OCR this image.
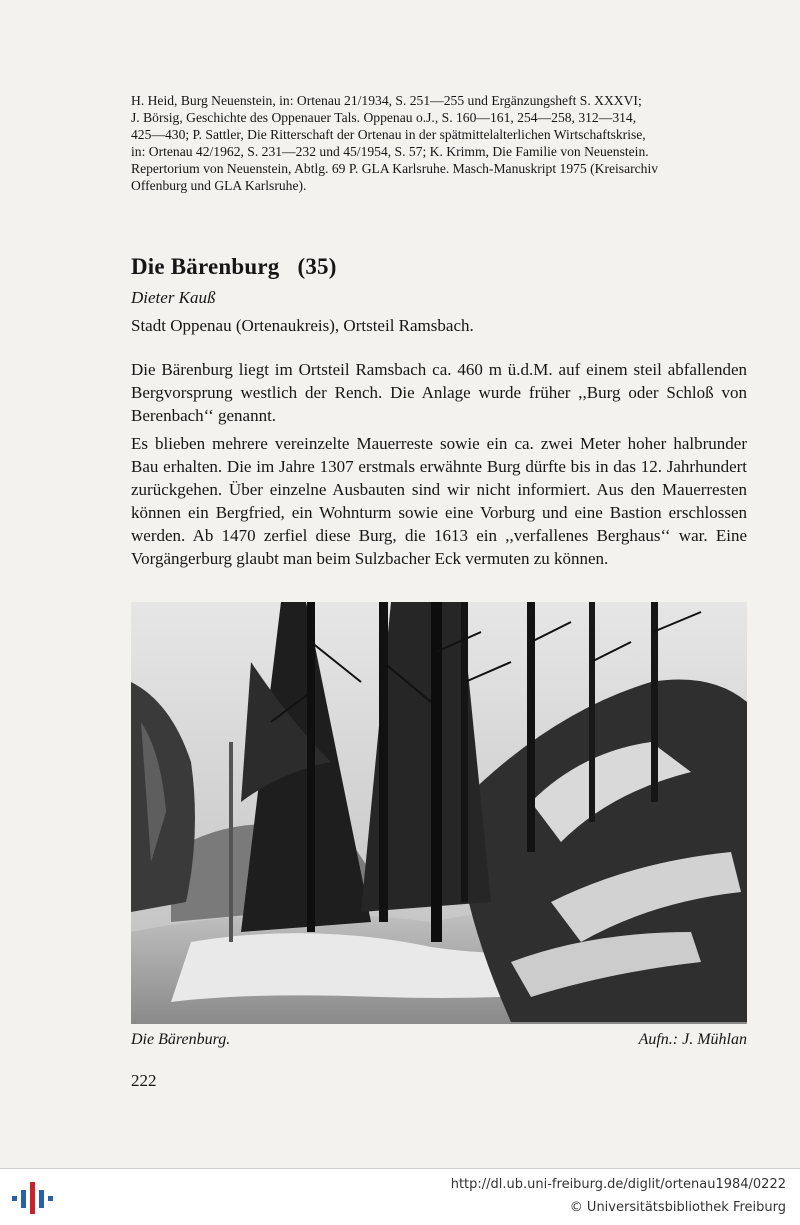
H. Heid, Burg Neuenstein, in: Ortenau 21/1934, S. 251—255 und Ergänzungsheft S. XXXVI;

J. Börsig, Geschichte des Oppenauer Tals. Oppenau o.J., S. 160—161, 254—258, 312—314,

425—430; P. Sattler, Die Ritterschaft der Ortenau in der spätmittelalterlichen Wirtschaftskrise,

in: Ortenau 42/1962, S. 231—232 und 45/1954, S. 57; K. Krimm, Die Familie von Neuenstein.

Repertorium von Neuenstein, Abtlg. 69 P. GLA Karlsruhe. Masch-Manuskript 1975 (Kreisarchiv

Offenburg und GLA Karlsruhe).

Die Bärenburg (35)
Dieter Kauß
Stadt Oppenau (Ortenaukreis), Ortsteil Ramsbach.

Die Bärenburg liegt im Ortsteil Ramsbach ca. 460 m ü.d.M. auf einem steil abfallenden Bergvorsprung westlich der Rench. Die Anlage wurde früher ,,Burg oder Schloß von Berenbach‘‘ genannt.

Es blieben mehrere vereinzelte Mauerreste sowie ein ca. zwei Meter hoher halbrunder Bau erhalten. Die im Jahre 1307 erstmals erwähnte Burg dürfte bis in das 12. Jahrhundert zurückgehen. Über einzelne Ausbauten sind wir nicht informiert. Aus den Mauerresten können ein Bergfried, ein Wohnturm sowie eine Vorburg und eine Bastion erschlossen werden. Ab 1470 zerfiel diese Burg, die 1613 ein ,,verfallenes Berghaus‘‘ war. Eine Vorgängerburg glaubt man beim Sulzbacher Eck vermuten zu können.

Die Bärenburg.	Aufn.: J. Mühlan
222
http://dl.ub.uni-freiburg.de/diglit/ortenau1984/0222
© Universitätsbibliothek Freiburg
